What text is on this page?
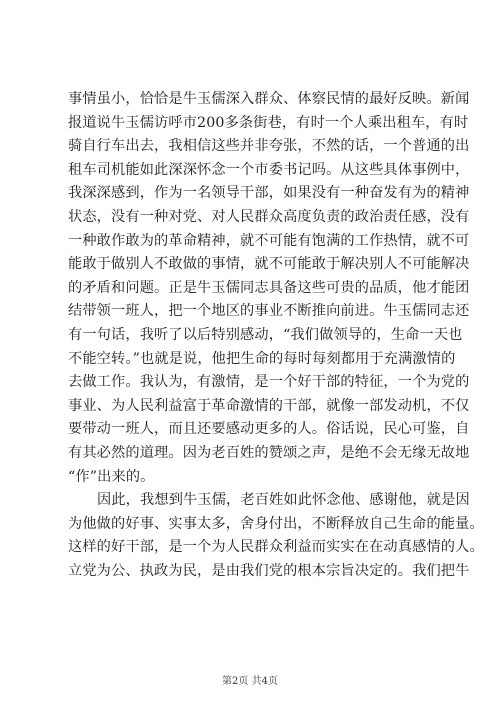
事情虽小，恰恰是牛玉儒深入群众、体察民情的最好反映。新闻
报道说牛玉儒访呼市200多条街巷，有时一个人乘出租车，有时
骑自行车出去，我相信这些并非夸张，不然的话，一个普通的出
租车司机能如此深深怀念一个市委书记吗。从这些具体事例中，
我深深感到，作为一名领导干部，如果没有一种奋发有为的精神
状态，没有一种对党、对人民群众高度负责的政治责任感，没有
一种敢作敢为的革命精神，就不可能有饱满的工作热情，就不可
能敢于做别人不敢做的事情，就不可能敢于解决别人不可能解决
的矛盾和问题。正是牛玉儒同志具备这些可贵的品质，他才能团
结带领一班人，把一个地区的事业不断推向前进。牛玉儒同志还
有一句话，我听了以后特别感动，“我们做领导的，生命一天也
不能空转。”也就是说，他把生命的每时每刻都用于充满激情的
去做工作。我认为，有激情，是一个好干部的特征，一个为党的
事业、为人民利益富于革命激情的干部，就像一部发动机，不仅
要带动一班人，而且还要感动更多的人。俗话说，民心可鉴，自
有其必然的道理。因为老百姓的赞颂之声，是绝不会无缘无故地
“作”出来的。
因此，我想到牛玉儒，老百姓如此怀念他、感谢他，就是因
为他做的好事、实事太多，舍身付出，不断释放自己生命的能量。
这样的好干部，是一个为人民群众利益而实实在在动真感情的人。
立党为公、执政为民，是由我们党的根本宗旨决定的。我们把牛
第2页 共4页
